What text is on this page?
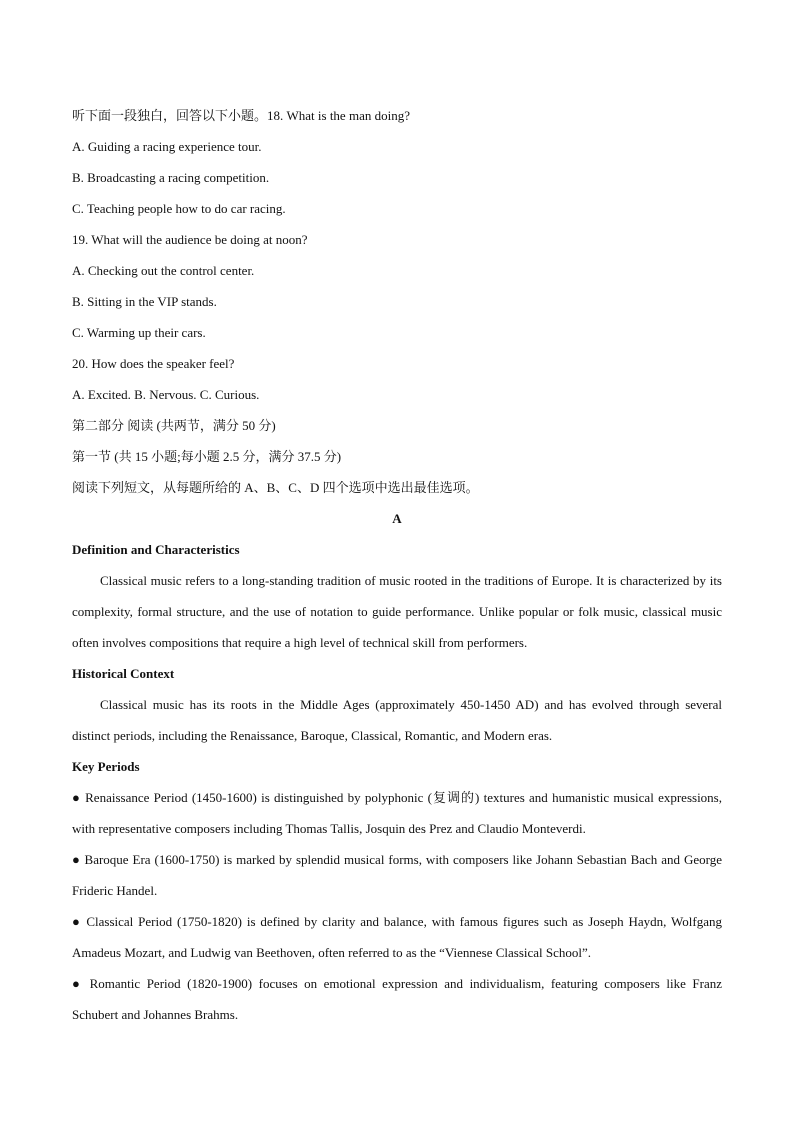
听下面一段独白，回答以下小题。18. What is the man doing?
A. Guiding a racing experience tour.
B. Broadcasting a racing competition.
C. Teaching people how to do car racing.
19. What will the audience be doing at noon?
A. Checking out the control center.
B. Sitting in the VIP stands.
C. Warming up their cars.
20. How does the speaker feel?
A. Excited. B. Nervous. C. Curious.
第二部分 阅读 (共两节，满分 50 分)
第一节 (共 15 小题;每小题 2.5 分，满分 37.5 分)
阅读下列短文，从每题所给的 A、B、C、D 四个选项中选出最佳选项。
A
Definition and Characteristics
Classical music refers to a long-standing tradition of music rooted in the traditions of Europe. It is characterized by its complexity, formal structure, and the use of notation to guide performance. Unlike popular or folk music, classical music often involves compositions that require a high level of technical skill from performers.
Historical Context
Classical music has its roots in the Middle Ages (approximately 450-1450 AD) and has evolved through several distinct periods, including the Renaissance, Baroque, Classical, Romantic, and Modern eras.
Key Periods
● Renaissance Period (1450-1600) is distinguished by polyphonic (复调的) textures and humanistic musical expressions, with representative composers including Thomas Tallis, Josquin des Prez and Claudio Monteverdi.
● Baroque Era (1600-1750) is marked by splendid musical forms, with composers like Johann Sebastian Bach and George Frideric Handel.
● Classical Period (1750-1820) is defined by clarity and balance, with famous figures such as Joseph Haydn, Wolfgang Amadeus Mozart, and Ludwig van Beethoven, often referred to as the “Viennese Classical School”.
● Romantic Period (1820-1900) focuses on emotional expression and individualism, featuring composers like Franz Schubert and Johannes Brahms.
